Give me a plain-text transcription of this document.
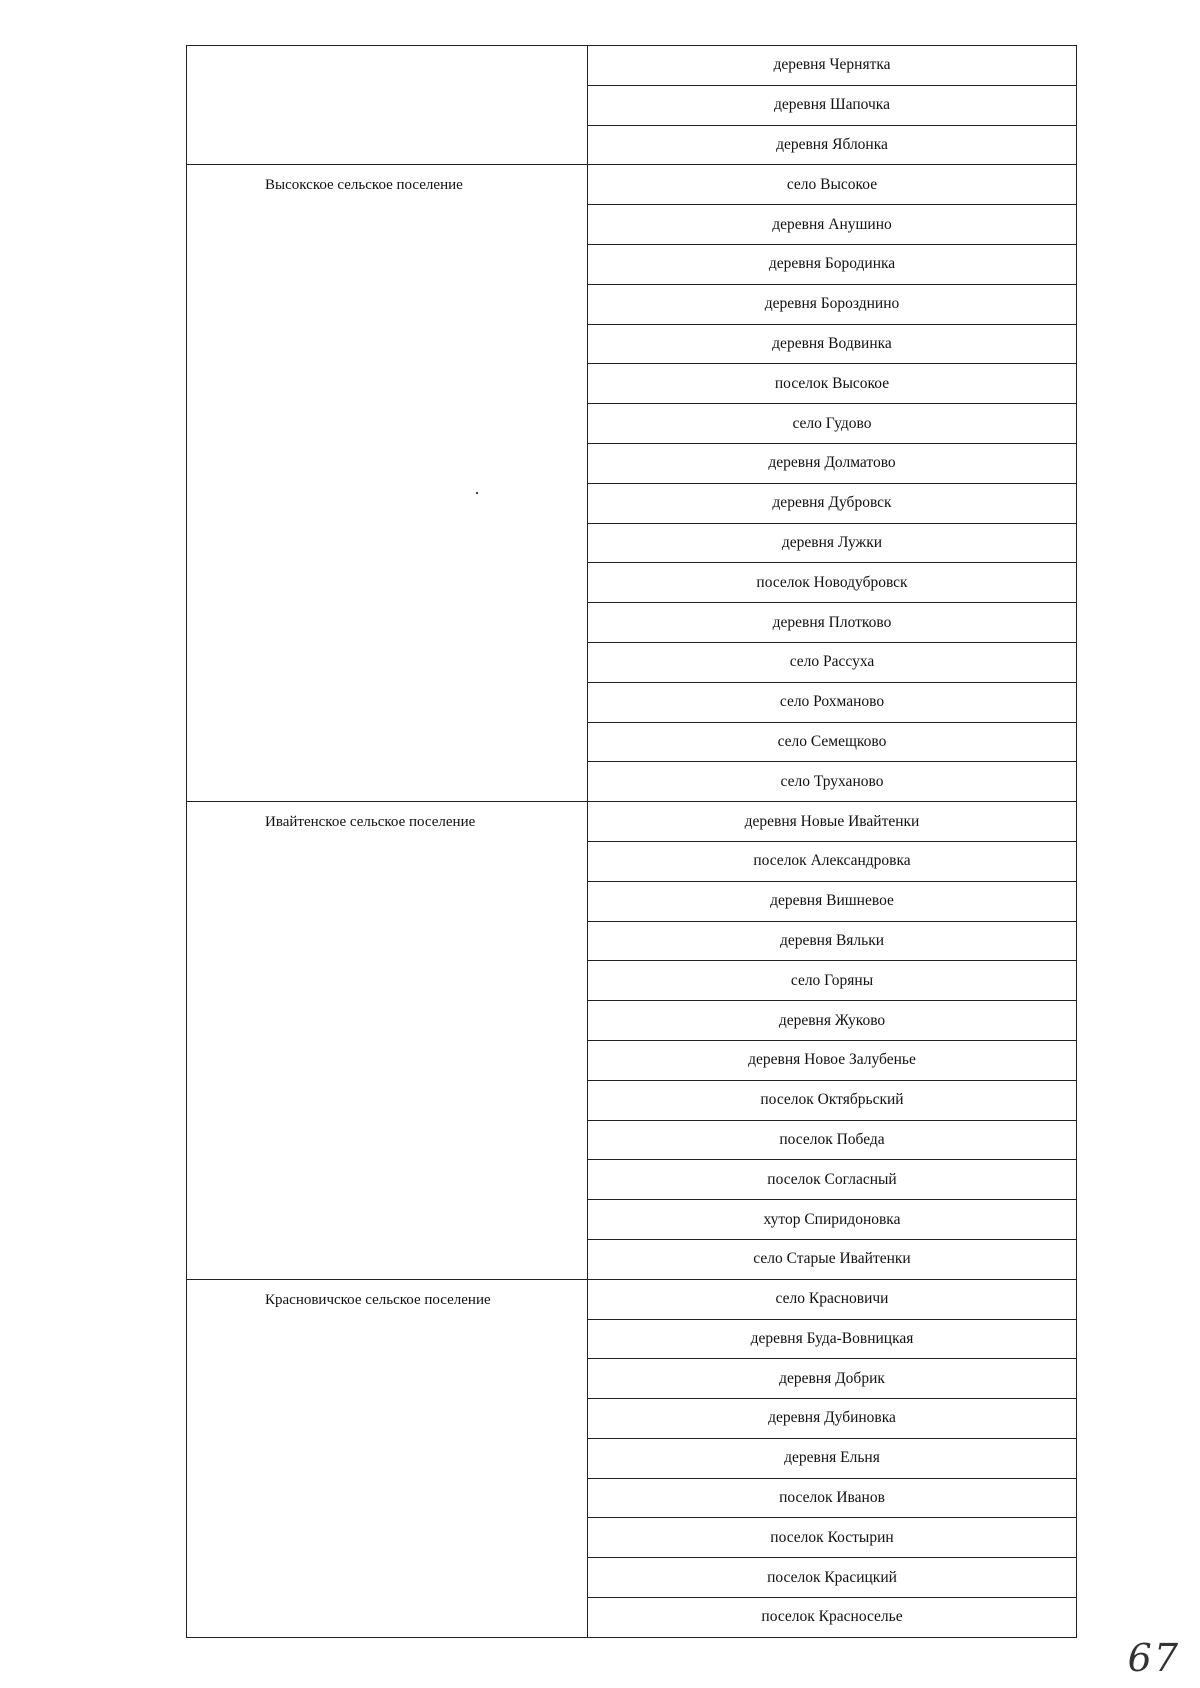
	деревня Чернятка
	деревня Шапочка
	деревня Яблонка

Высокское сельское поселение	село Высокое
	деревня Анушино
	деревня Бородинка
	деревня Борозднино
	деревня Водвинка
	поселок Высокое
	село Гудово
	деревня Долматово
	деревня Дубровск
	деревня Лужки
	поселок Новодубровск
	деревня Плотково
	село Рассуха
	село Рохманово
	село Семещково
	село Труханово

Ивайтенское сельское поселение	деревня Новые Ивайтенки
	поселок Александровка
	деревня Вишневое
	деревня Вяльки
	село Горяны
	деревня Жуково
	деревня Новое Залубенье
	поселок Октябрьский
	поселок Победа
	поселок Согласный
	хутор Спиридоновка
	село Старые Ивайтенки

Красновичское сельское поселение	село Красновичи
	деревня Буда-Вовницкая
	деревня Добрик
	деревня Дубиновка
	деревня Ельня
	поселок Иванов
	поселок Костырин
	поселок Красицкий
	поселок Красноселье
67
